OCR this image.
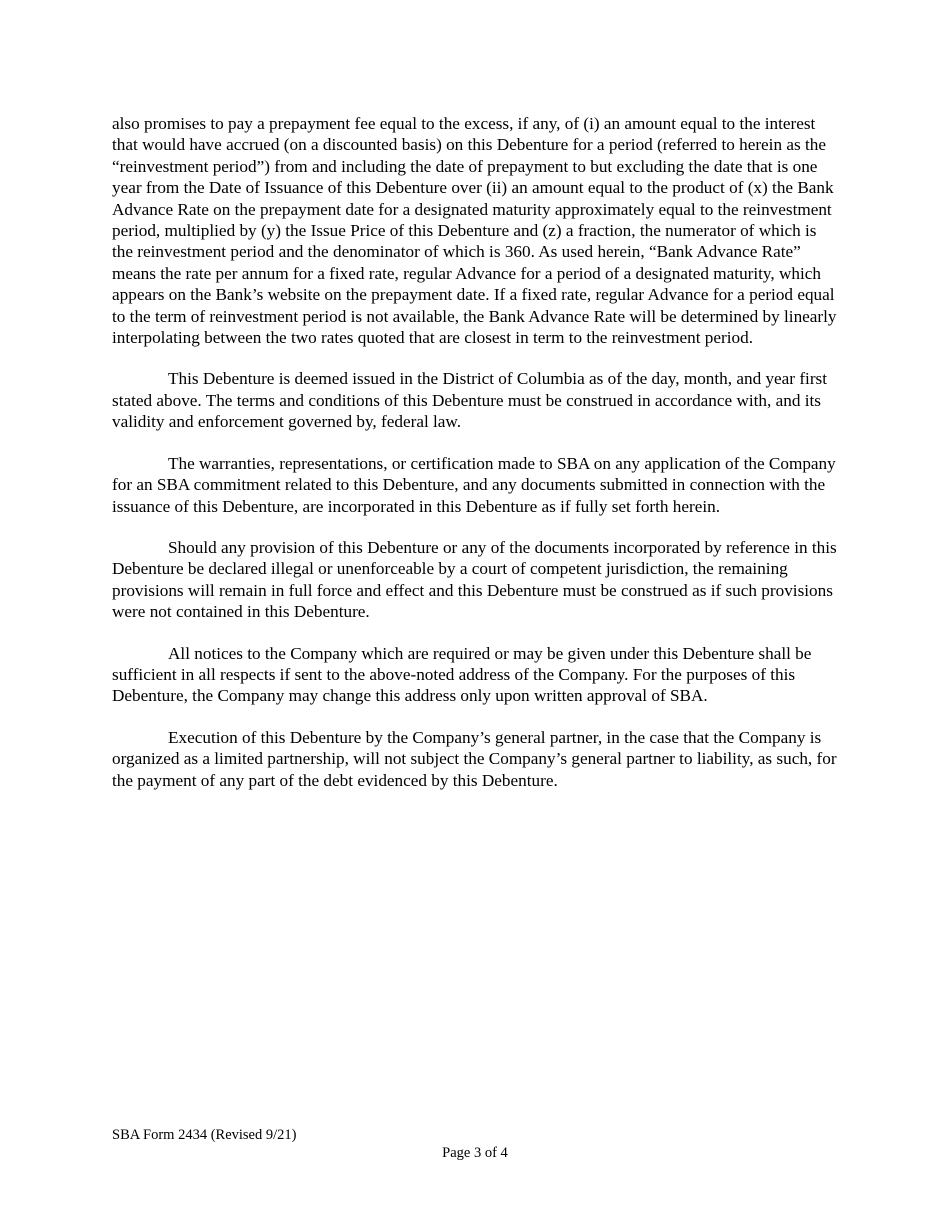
also promises to pay a prepayment fee equal to the excess, if any, of (i) an amount equal to the interest that would have accrued (on a discounted basis) on this Debenture for a period (referred to herein as the “reinvestment period”) from and including the date of prepayment to but excluding the date that is one year from the Date of Issuance of this Debenture over (ii) an amount equal to the product of (x) the Bank Advance Rate on the prepayment date for a designated maturity approximately equal to the reinvestment period, multiplied by (y) the Issue Price of this Debenture and (z) a fraction, the numerator of which is the reinvestment period and the denominator of which is 360. As used herein, “Bank Advance Rate” means the rate per annum for a fixed rate, regular Advance for a period of a designated maturity, which appears on the Bank’s website on the prepayment date. If a fixed rate, regular Advance for a period equal to the term of reinvestment period is not available, the Bank Advance Rate will be determined by linearly interpolating between the two rates quoted that are closest in term to the reinvestment period.

This Debenture is deemed issued in the District of Columbia as of the day, month, and year first stated above. The terms and conditions of this Debenture must be construed in accordance with, and its validity and enforcement governed by, federal law.

The warranties, representations, or certification made to SBA on any application of the Company for an SBA commitment related to this Debenture, and any documents submitted in connection with the issuance of this Debenture, are incorporated in this Debenture as if fully set forth herein.

Should any provision of this Debenture or any of the documents incorporated by reference in this Debenture be declared illegal or unenforceable by a court of competent jurisdiction, the remaining provisions will remain in full force and effect and this Debenture must be construed as if such provisions were not contained in this Debenture.

All notices to the Company which are required or may be given under this Debenture shall be sufficient in all respects if sent to the above-noted address of the Company. For the purposes of this Debenture, the Company may change this address only upon written approval of SBA.

Execution of this Debenture by the Company’s general partner, in the case that the Company is organized as a limited partnership, will not subject the Company’s general partner to liability, as such, for the payment of any part of the debt evidenced by this Debenture.

SBA Form 2434 (Revised 9/21)
Page 3 of 4
